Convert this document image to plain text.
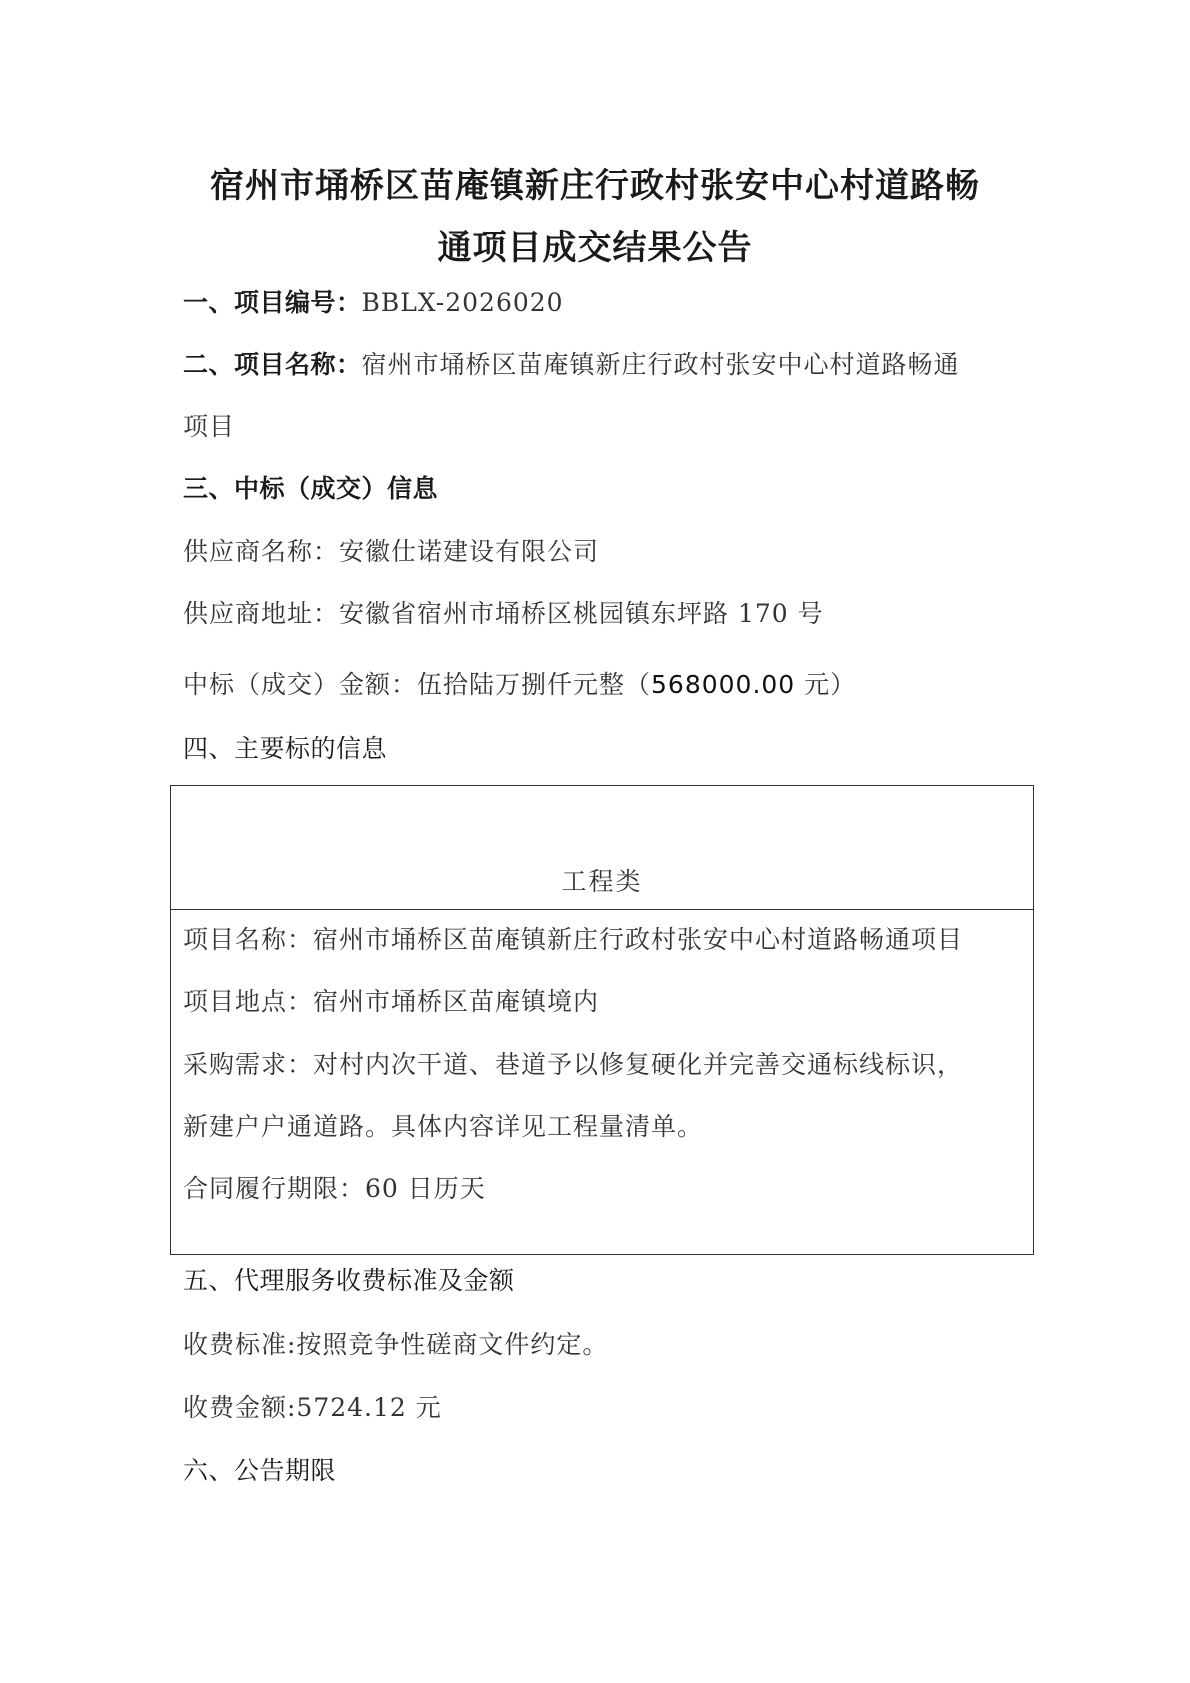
宿州市埇桥区苗庵镇新庄行政村张安中心村道路畅
通项目成交结果公告
一、项目编号：BBLX-2026020
二、项目名称：宿州市埇桥区苗庵镇新庄行政村张安中心村道路畅通
项目
三、中标（成交）信息
供应商名称：安徽仕诺建设有限公司
供应商地址：安徽省宿州市埇桥区桃园镇东坪路 170 号
中标（成交）金额：伍拾陆万捌仟元整（568000.00 元）
四、主要标的信息
工程类
项目名称：宿州市埇桥区苗庵镇新庄行政村张安中心村道路畅通项目
项目地点：宿州市埇桥区苗庵镇境内
采购需求：对村内次干道、巷道予以修复硬化并完善交通标线标识，
新建户户通道路。具体内容详见工程量清单。
合同履行期限：60 日历天
五、代理服务收费标准及金额
收费标准:按照竞争性磋商文件约定。
收费金额:5724.12 元
六、公告期限
